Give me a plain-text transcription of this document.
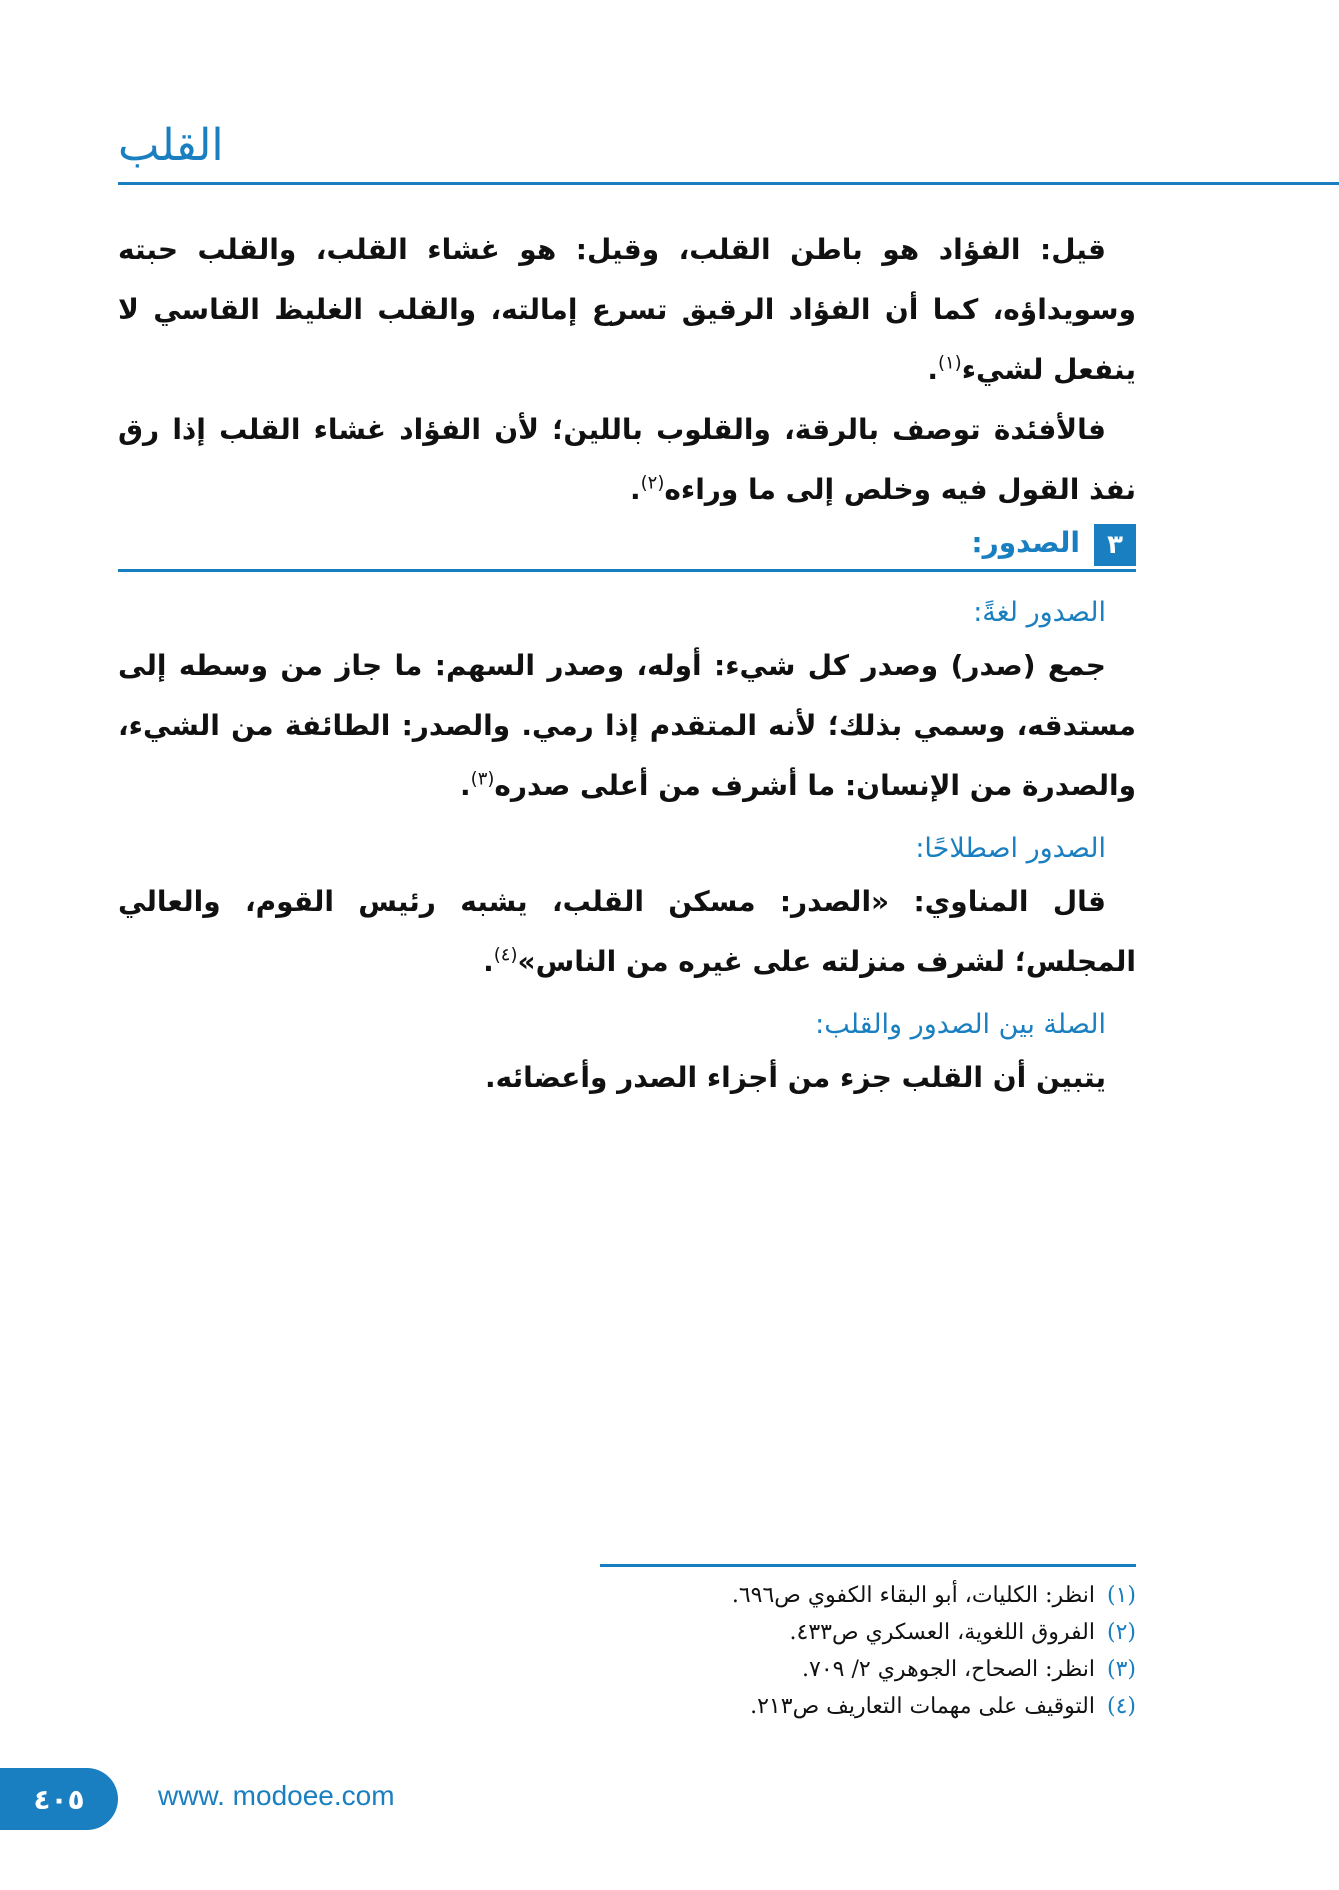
القلب

قيل: الفؤاد هو باطن القلب، وقيل: هو غشاء القلب، والقلب حبته وسويداؤه، كما أن الفؤاد الرقيق تسرع إمالته، والقلب الغليظ القاسي لا ينفعل لشيء$^{(١)}$.

فالأفئدة توصف بالرقة، والقلوب باللين؛ لأن الفؤاد غشاء القلب إذا رق نفذ القول فيه وخلص إلى ما وراءه$^{(٢)}$.

٣
الصدور:
الصدور لغةً:

جمع (صدر) وصدر كل شيء: أوله، وصدر السهم: ما جاز من وسطه إلى مستدقه، وسمي بذلك؛ لأنه المتقدم إذا رمي. والصدر: الطائفة من الشيء، والصدرة من الإنسان: ما أشرف من أعلى صدره$^{(٣)}$.

الصدور اصطلاحًا:

قال المناوي: «الصدر: مسكن القلب، يشبه رئيس القوم، والعالي المجلس؛ لشرف منزلته على غيره من الناس»$^{(٤)}$.

الصلة بين الصدور والقلب:

يتبين أن القلب جزء من أجزاء الصدر وأعضائه.

(١)انظر: الكليات، أبو البقاء الكفوي ص٦٩٦.
(٢)الفروق اللغوية، العسكري ص٤٣٣.
(٣)انظر: الصحاح، الجوهري ٢/ ٧٠٩.
(٤)التوقيف على مهمات التعاريف ص٢١٣.
٤٠٥	www. modoee.com
